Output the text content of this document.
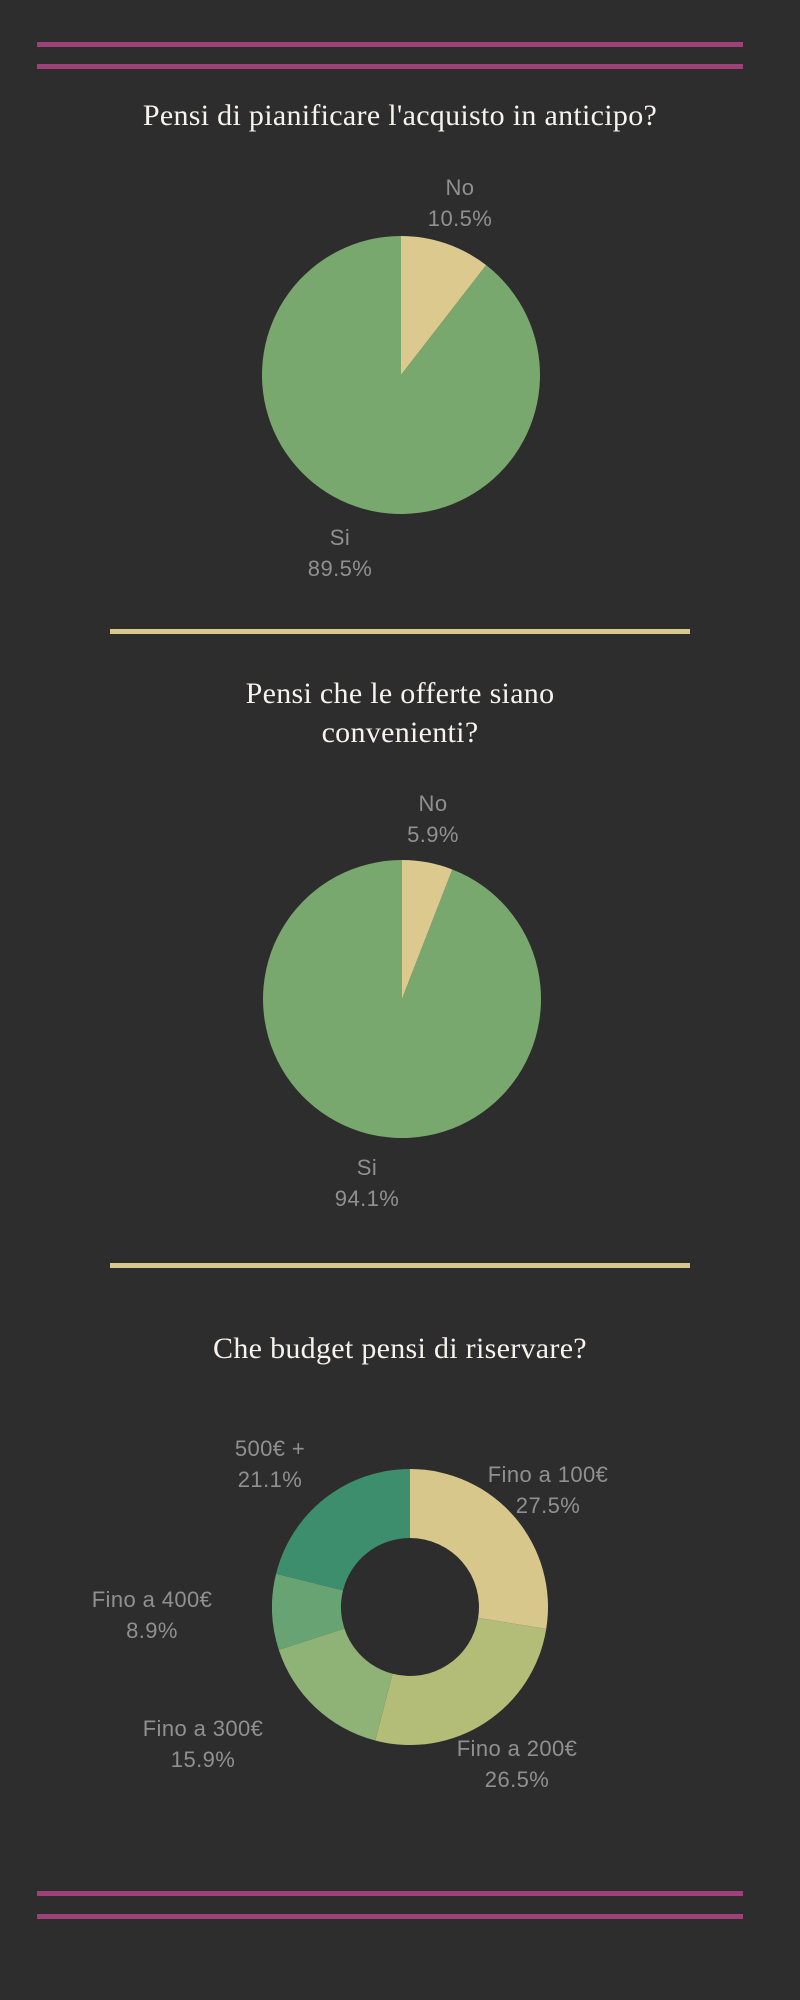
Pensi di pianificare l'acquisto in anticipo?
No
10.5%
Si
89.5%
Pensi che le offerte siano convenienti?
No
5.9%
Si
94.1%
Che budget pensi di riservare?
Fino a 100€
27.5%
Fino a 200€
26.5%
Fino a 300€
15.9%
Fino a 400€
8.9%
500€ +
21.1%
